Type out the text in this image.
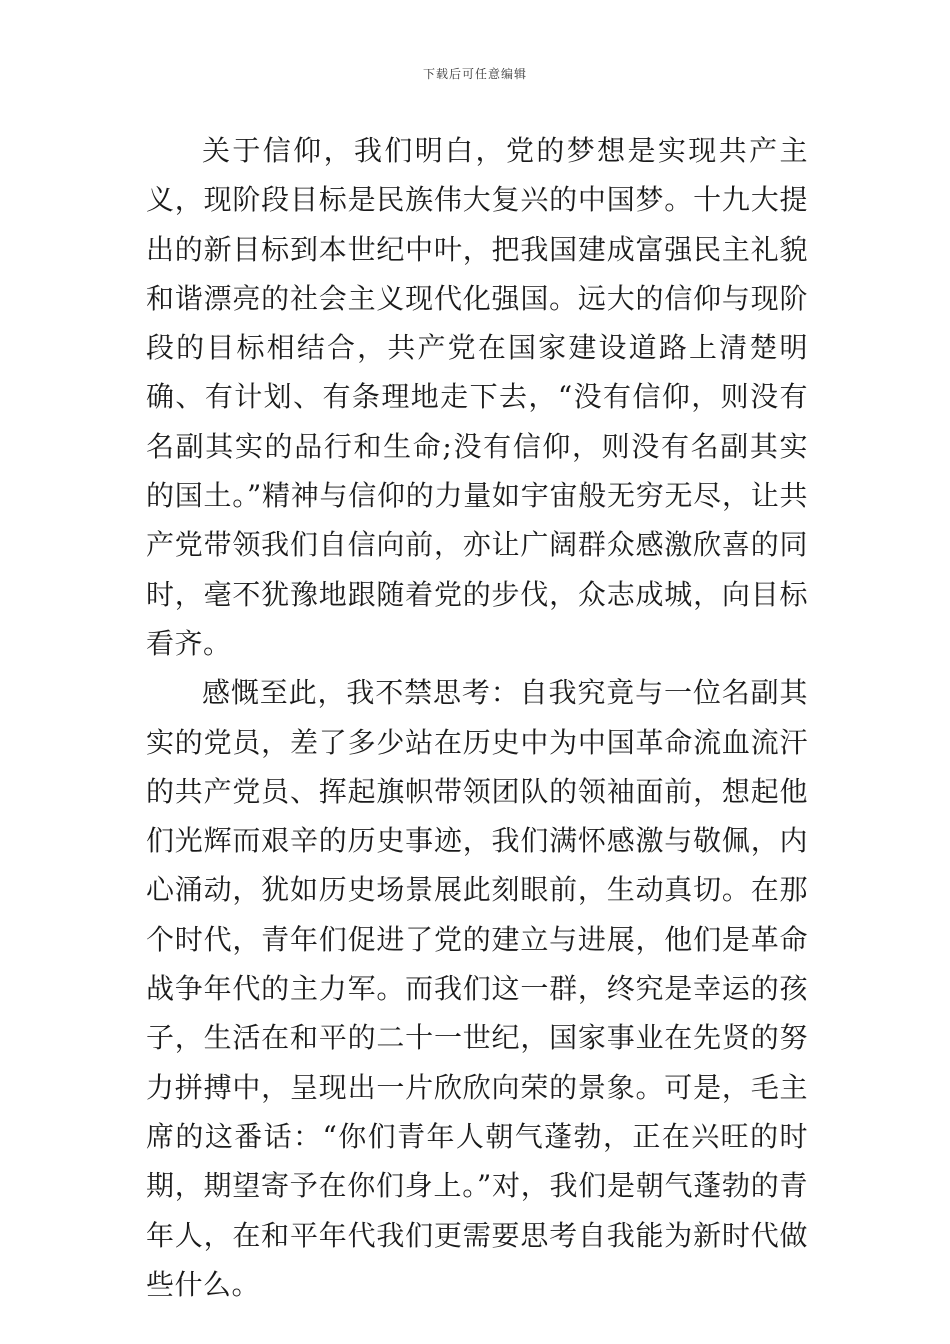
下载后可任意编辑

关于信仰，我们明白，党的梦想是实现共产主义，现阶段目标是民族伟大复兴的中国梦。十九大提出的新目标到本世纪中叶，把我国建成富强民主礼貌和谐漂亮的社会主义现代化强国。远大的信仰与现阶段的目标相结合，共产党在国家建设道路上清楚明确、有计划、有条理地走下去，“没有信仰，则没有名副其实的品行和生命;没有信仰，则没有名副其实的国土。”精神与信仰的力量如宇宙般无穷无尽，让共产党带领我们自信向前，亦让广阔群众感激欣喜的同时，毫不犹豫地跟随着党的步伐，众志成城，向目标看齐。

感慨至此，我不禁思考：自我究竟与一位名副其实的党员，差了多少站在历史中为中国革命流血流汗的共产党员、挥起旗帜带领团队的领袖面前，想起他们光辉而艰辛的历史事迹，我们满怀感激与敬佩，内心涌动，犹如历史场景展此刻眼前，生动真切。在那个时代，青年们促进了党的建立与进展，他们是革命战争年代的主力军。而我们这一群，终究是幸运的孩子，生活在和平的二十一世纪，国家事业在先贤的努力拼搏中，呈现出一片欣欣向荣的景象。可是，毛主席的这番话：“你们青年人朝气蓬勃，正在兴旺的时期，期望寄予在你们身上。”对，我们是朝气蓬勃的青年人，在和平年代我们更需要思考自我能为新时代做些什么。
